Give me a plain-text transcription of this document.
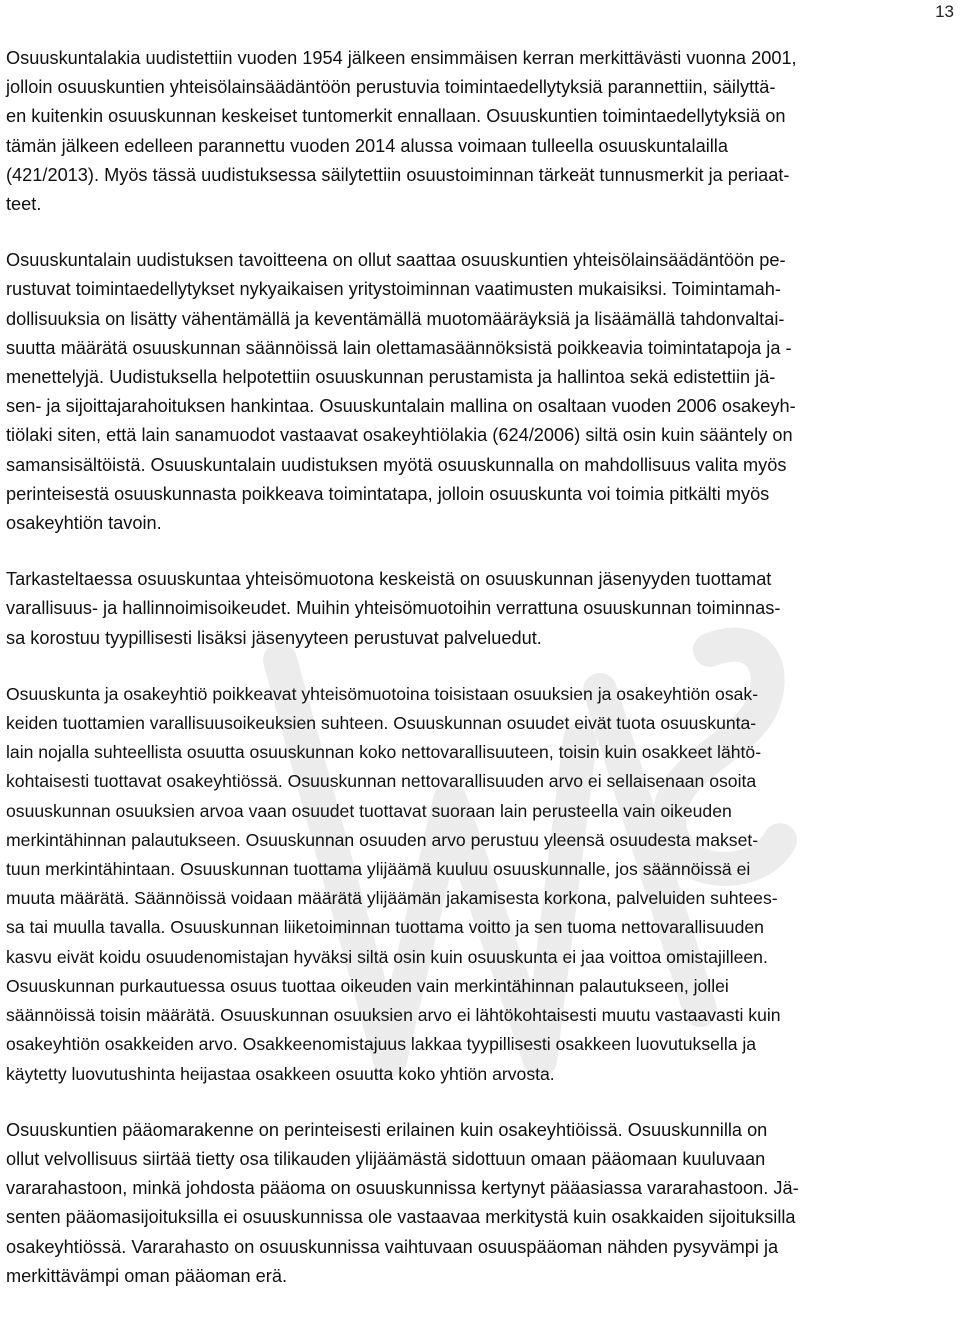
13

Osuuskuntalakia uudistettiin vuoden 1954 jälkeen ensimmäisen kerran merkittävästi vuonna 2001,
jolloin osuuskuntien yhteisölainsäädäntöön perustuvia toimintaedellytyksiä parannettiin, säilyttä-
en kuitenkin osuuskunnan keskeiset tuntomerkit ennallaan. Osuuskuntien toimintaedellytyksiä on
tämän jälkeen edelleen parannettu vuoden 2014 alussa voimaan tulleella osuuskuntalailla
(421/2013). Myös tässä uudistuksessa säilytettiin osuustoiminnan tärkeät tunnusmerkit ja periaat-
teet.

Osuuskuntalain uudistuksen tavoitteena on ollut saattaa osuuskuntien yhteisölainsäädäntöön pe-
rustuvat toimintaedellytykset nykyaikaisen yritystoiminnan vaatimusten mukaisiksi. Toimintamah-
dollisuuksia on lisätty vähentämällä ja keventämällä muotomääräyksiä ja lisäämällä tahdonvaltai-
suutta määrätä osuuskunnan säännöissä lain olettamasäännöksistä poikkeavia toimintatapoja ja -
menettelyjä. Uudistuksella helpotettiin osuuskunnan perustamista ja hallintoa sekä edistettiin jä-
sen- ja sijoittajarahoituksen hankintaa. Osuuskuntalain mallina on osaltaan vuoden 2006 osakeyh-
tiölaki siten, että lain sanamuodot vastaavat osakeyhtiölakia (624/2006) siltä osin kuin sääntely on
samansisältöistä. Osuuskuntalain uudistuksen myötä osuuskunnalla on mahdollisuus valita myös
perinteisestä osuuskunnasta poikkeava toimintatapa, jolloin osuuskunta voi toimia pitkälti myös
osakeyhtiön tavoin.

Tarkasteltaessa osuuskuntaa yhteisömuotona keskeistä on osuuskunnan jäsenyyden tuottamat
varallisuus- ja hallinnoimisoikeudet. Muihin yhteisömuotoihin verrattuna osuuskunnan toiminnas-
sa korostuu tyypillisesti lisäksi jäsenyyteen perustuvat palveluedut.

Osuuskunta ja osakeyhtiö poikkeavat yhteisömuotoina toisistaan osuuksien ja osakeyhtiön osak-
keiden tuottamien varallisuusoikeuksien suhteen. Osuuskunnan osuudet eivät tuota osuuskunta-
lain nojalla suhteellista osuutta osuuskunnan koko nettovarallisuuteen, toisin kuin osakkeet lähtö-
kohtaisesti tuottavat osakeyhtiössä. Osuuskunnan nettovarallisuuden arvo ei sellaisenaan osoita
osuuskunnan osuuksien arvoa vaan osuudet tuottavat suoraan lain perusteella vain oikeuden
merkintähinnan palautukseen. Osuuskunnan osuuden arvo perustuu yleensä osuudesta makset-
tuun merkintähintaan. Osuuskunnan tuottama ylijäämä kuuluu osuuskunnalle, jos säännöissä ei
muuta määrätä. Säännöissä voidaan määrätä ylijäämän jakamisesta korkona, palveluiden suhtees-
sa tai muulla tavalla. Osuuskunnan liiketoiminnan tuottama voitto ja sen tuoma nettovarallisuuden
kasvu eivät koidu osuudenomistajan hyväksi siltä osin kuin osuuskunta ei jaa voittoa omistajilleen.
Osuuskunnan purkautuessa osuus tuottaa oikeuden vain merkintähinnan palautukseen, jollei
säännöissä toisin määrätä. Osuuskunnan osuuksien arvo ei lähtökohtaisesti muutu vastaavasti kuin
osakeyhtiön osakkeiden arvo. Osakkeenomistajuus lakkaa tyypillisesti osakkeen luovutuksella ja
käytetty luovutushinta heijastaa osakkeen osuutta koko yhtiön arvosta.

Osuuskuntien pääomarakenne on perinteisesti erilainen kuin osakeyhtiöissä. Osuuskunnilla on
ollut velvollisuus siirtää tietty osa tilikauden ylijäämästä sidottuun omaan pääomaan kuuluvaan
vararahastoon, minkä johdosta pääoma on osuuskunnissa kertynyt pääasiassa vararahastoon. Jä-
senten pääomasijoituksilla ei osuuskunnissa ole vastaavaa merkitystä kuin osakkaiden sijoituksilla
osakeyhtiössä. Vararahasto on osuuskunnissa vaihtuvaan osuuspääoman nähden pysyvämpi ja
merkittävämpi oman pääoman erä.
